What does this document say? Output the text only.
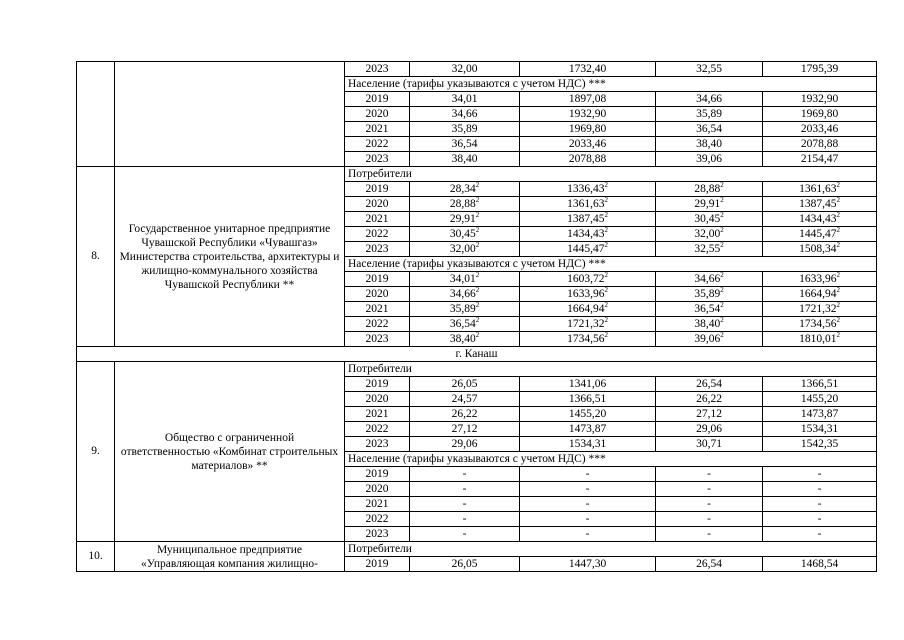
		2023	32,00	1732,40	32,55	1795,39
		Население (тарифы указываются с учетом НДС) ***				
		2019	34,01	1897,08	34,66	1932,90
		2020	34,66	1932,90	35,89	1969,80
		2021	35,89	1969,80	36,54	2033,46
		2022	36,54	2033,46	38,40	2078,88
		2023	38,40	2078,88	39,06	2154,47
8.	Государственное унитарное предприятие Чувашской Республики «Чувашгаз» Министерства строительства, архитектуры и жилищно-коммунального хозяйства Чувашской Республики **	Потребители				
		2019	28,34$^2$	1336,43$^2$	28,88$^2$	1361,63$^2$
		2020	28,88$^2$	1361,63$^2$	29,91$^2$	1387,45$^2$
		2021	29,91$^2$	1387,45$^2$	30,45$^2$	1434,43$^2$
		2022	30,45$^2$	1434,43$^2$	32,00$^2$	1445,47$^2$
		2023	32,00$^2$	1445,47$^2$	32,55$^2$	1508,34$^2$
		Население (тарифы указываются с учетом НДС) ***				
		2019	34,01$^2$	1603,72$^2$	34,66$^2$	1633,96$^2$
		2020	34,66$^2$	1633,96$^2$	35,89$^2$	1664,94$^2$
		2021	35,89$^2$	1664,94$^2$	36,54$^2$	1721,32$^2$
		2022	36,54$^2$	1721,32$^2$	38,40$^2$	1734,56$^2$
		2023	38,40$^2$	1734,56$^2$	39,06$^2$	1810,01$^2$
г. Канаш						
9.	Общество с ограниченной ответственностью «Комбинат строительных материалов» **	Потребители				
		2019	26,05	1341,06	26,54	1366,51
		2020	24,57	1366,51	26,22	1455,20
		2021	26,22	1455,20	27,12	1473,87
		2022	27,12	1473,87	29,06	1534,31
		2023	29,06	1534,31	30,71	1542,35
		Население (тарифы указываются с учетом НДС) ***				
		2019	-	-	-	-
		2020	-	-	-	-
		2021	-	-	-	-
		2022	-	-	-	-
		2023	-	-	-	-
10.	Муниципальное предприятие «Управляющая компания жилищно-	Потребители				
		2019	26,05	1447,30	26,54	1468,54
